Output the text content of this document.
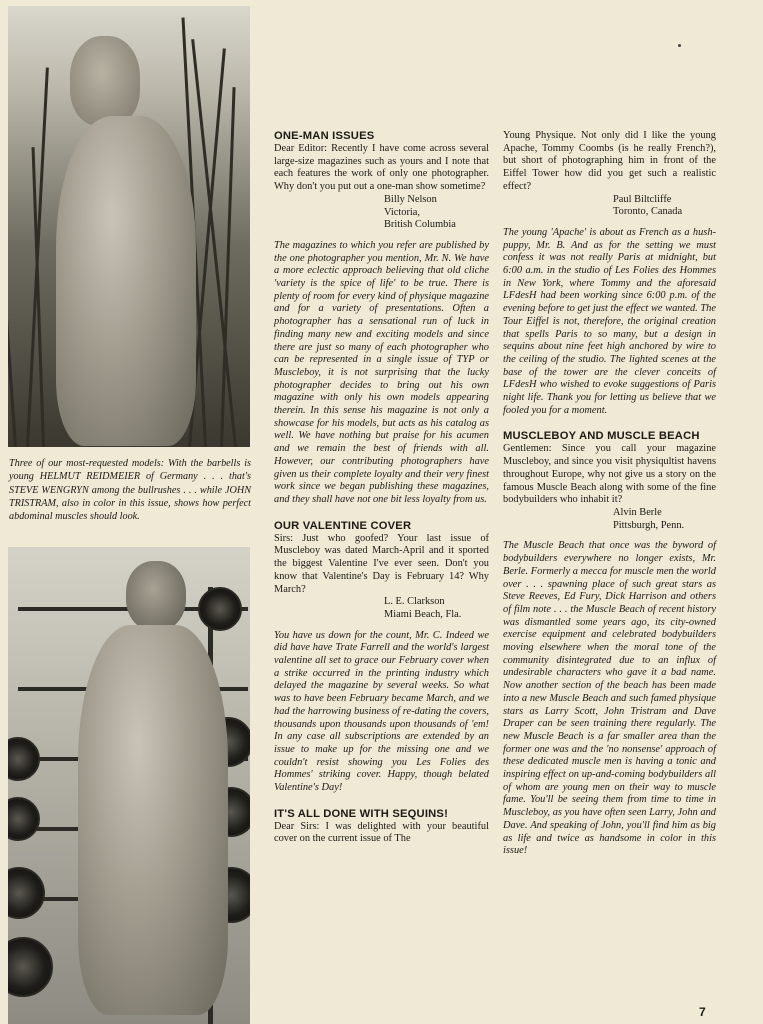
Three of our most-requested models: With the barbells is young HELMUT REIDMEIER of Germany . . . that's STEVE WENGRYN among the bullrushes . . . while JOHN TRISTRAM, also in color in this issue, shows how perfect abdominal muscles should look.

ONE-MAN ISSUES

Dear Editor: Recently I have come across several large-size magazines such as yours and I note that each features the work of only one photographer. Why don't you put out a one-man show sometime?

Billy Nelson

Victoria,

British Columbia

The magazines to which you refer are published by the one photographer you mention, Mr. N. We have a more eclectic approach believing that old cliche 'variety is the spice of life' to be true. There is plenty of room for every kind of physique magazine and for a variety of presentations. Often a photographer has a sensational run of luck in finding many new and exciting models and since there are just so many of each photographer who can be represented in a single issue of TYP or Muscleboy, it is not surprising that the lucky photographer decides to bring out his own magazine with only his own models appearing therein. In this sense his magazine is not only a showcase for his models, but acts as his catalog as well. We have nothing but praise for his acumen and we remain the best of friends with all. However, our contributing photographers have given us their complete loyalty and their very finest work since we began publishing these magazines, and they shall have not one bit less loyalty from us.

OUR VALENTINE COVER

Sirs: Just who goofed? Your last issue of Muscleboy was dated March-April and it sported the biggest Valentine I've ever seen. Don't you know that Valentine's Day is February 14? Why March?

L. E. Clarkson

Miami Beach, Fla.

You have us down for the count, Mr. C. Indeed we did have have Trate Farrell and the world's largest valentine all set to grace our February cover when a strike occurred in the printing industry which delayed the magazine by several weeks. So what was to have been February became March, and we had the harrowing business of re-dating the covers, thousands upon thousands upon thousands of 'em! In any case all subscriptions are extended by an issue to make up for the missing one and we couldn't resist showing you Les Folies des Hommes' striking cover. Happy, though belated Valentine's Day!

IT'S ALL DONE WITH SEQUINS!

Dear Sirs: I was delighted with your beautiful cover on the current issue of The

Young Physique. Not only did I like the young Apache, Tommy Coombs (is he really French?), but short of photographing him in front of the Eiffel Tower how did you get such a realistic effect?

Paul Biltcliffe

Toronto, Canada

The young 'Apache' is about as French as a hush-puppy, Mr. B. And as for the setting we must confess it was not really Paris at midnight, but 6:00 a.m. in the studio of Les Folies des Hommes in New York, where Tommy and the aforesaid LFdesH had been working since 6:00 p.m. of the evening before to get just the effect we wanted. The Tour Eiffel is not, therefore, the original creation that spells Paris to so many, but a design in sequins about nine feet high anchored by wire to the ceiling of the studio. The lighted scenes at the base of the tower are the clever conceits of LFdesH who wished to evoke suggestions of Paris night life. Thank you for letting us believe that we fooled you for a moment.

MUSCLEBOY AND MUSCLE BEACH

Gentlemen: Since you call your magazine Muscleboy, and since you visit physiqultist havens throughout Europe, why not give us a story on the famous Muscle Beach along with some of the fine bodybuilders who inhabit it?

Alvin Berle

Pittsburgh, Penn.

The Muscle Beach that once was the byword of bodybuilders everywhere no longer exists, Mr. Berle. Formerly a mecca for muscle men the world over . . . spawning place of such great stars as Steve Reeves, Ed Fury, Dick Harrison and others of film note . . . the Muscle Beach of recent history was dismantled some years ago, its city-owned exercise equipment and celebrated bodybuilders moving elsewhere when the moral tone of the community disintegrated due to an influx of undesirable characters who gave it a bad name. Now another section of the beach has been made into a new Muscle Beach and such famed physique stars as Larry Scott, John Tristram and Dave Draper can be seen training there regularly. The new Muscle Beach is a far smaller area than the former one was and the 'no nonsense' approach of these dedicated muscle men is having a tonic and inspiring effect on up-and-coming bodybuilders all of whom are young men on their way to muscle fame. You'll be seeing them from time to time in Muscleboy, as you have often seen Larry, John and Dave. And speaking of John, you'll find him as big as life and twice as handsome in color in this issue!

7
